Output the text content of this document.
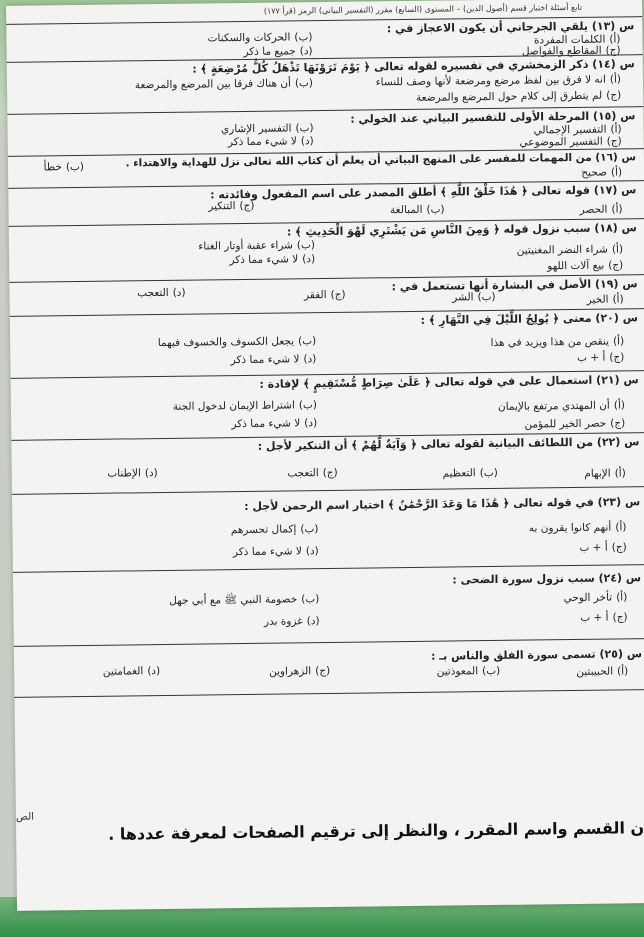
تابع أسئلة اختبار قسم (أصول الدين) – المستوى (السابع) مقرر (التفسير البياني) الرمز (قرأ ١٧٧)
س (١٣) يلقي الجرجاني أن يكون الاعجاز في :
(أ)الكلمات المفردة
(ب)الحركات والسكنات
(ج)المقاطع والفواصل
(د)جميع ما ذكر
س (١٤) ذكر الزمخشري في تفسيره لقوله تعالى ﴿ يَوْمَ تَرَوْنَهَا تَذْهَلُ كُلُّ مُرْضِعَةٍ ﴾ :
(أ)انه لا فرق بين لفظ مرضع ومرضعة لأنها وصف للنساء
(ب)أن هناك فرقا بين المرضع والمرضعة
(ج)لم يتطرق إلى كلام حول المرضع والمرضعة
س (١٥) المرحلة الأولى للتفسير البياني عند الخولي :
(أ)التفسير الإجمالي
(ب)التفسير الإشاري
(ج)التفسير الموضوعي
(د)لا شيء مما ذكر
س (١٦) من المهمات للمفسر على المنهج البياني أن يعلم أن كتاب الله تعالى نزل للهداية والاهتداء .
(أ)صحيح
(ب)خطأ
س (١٧) قوله تعالى ﴿ هَٰذَا خَلْقُ اللَّهِ ﴾ أطلق المصدر على اسم المفعول وفائدته :
(أ)الحصر
(ب)المبالغة
(ج)التنكير
س (١٨) سبب نزول قوله ﴿ وَمِنَ النَّاسِ مَن يَشْتَرِي لَهْوَ الْحَدِيثِ ﴾ :
(أ)شراء النضر المغنيتين
(ب)شراء عقبة أوتار الغناء
(ج)بيع آلات اللهو
(د)لا شيء مما ذكر
س (١٩) الأصل في البشارة أنها تستعمل في :
(أ)الخير
(ب)الشر
(ج)الفقر
(د)التعجب
س (٢٠) معنى ﴿ يُولِجُ اللَّيْلَ فِي النَّهَارِ ﴾ :
(أ)ينقص من هذا ويزيد في هذا
(ب)يجعل الكسوف والخسوف فيهما
(ج)أ + ب
(د)لا شيء مما ذكر
س (٢١) استعمال على في قوله تعالى ﴿ عَلَىٰ صِرَاطٍ مُّسْتَقِيمٍ ﴾ لإفادة :
(أ)أن المهتدي مرتفع بالإيمان
(ب)اشتراط الإيمان لدخول الجنة
(ج)حصر الخير للمؤمن
(د)لا شيء مما ذكر
س (٢٢) من اللطائف البيانية لقوله تعالى ﴿ وَآيَةٌ لَّهُمْ ﴾ أن التنكير لأجل :
(أ)الإبهام
(ب)التعظيم
(ج)التعجب
(د)الإطناب
س (٢٣) في قوله تعالى ﴿ هَٰذَا مَا وَعَدَ الرَّحْمَٰنُ ﴾ اختيار اسم الرحمن لأجل :
(أ)أنهم كانوا يقرون به
(ب)إكمال تحسرهم
(ج)أ + ب
(د)لا شيء مما ذكر
س (٢٤) سبب نزول سورة الضحى :
(أ)تأخر الوحي
(ب)خصومة النبي ﷺ مع أبي جهل
(ج)أ + ب
(د)غزوة بدر
س (٢٥) تسمى سورة الفلق والناس بـ :
(أ)الحبيبتين
(ب)المعوذتين
(ج)الزهراوين
(د)الغمامتين
الص
ن القسم واسم المقرر ، والنظر إلى ترقيم الصفحات لمعرفة عددها .
